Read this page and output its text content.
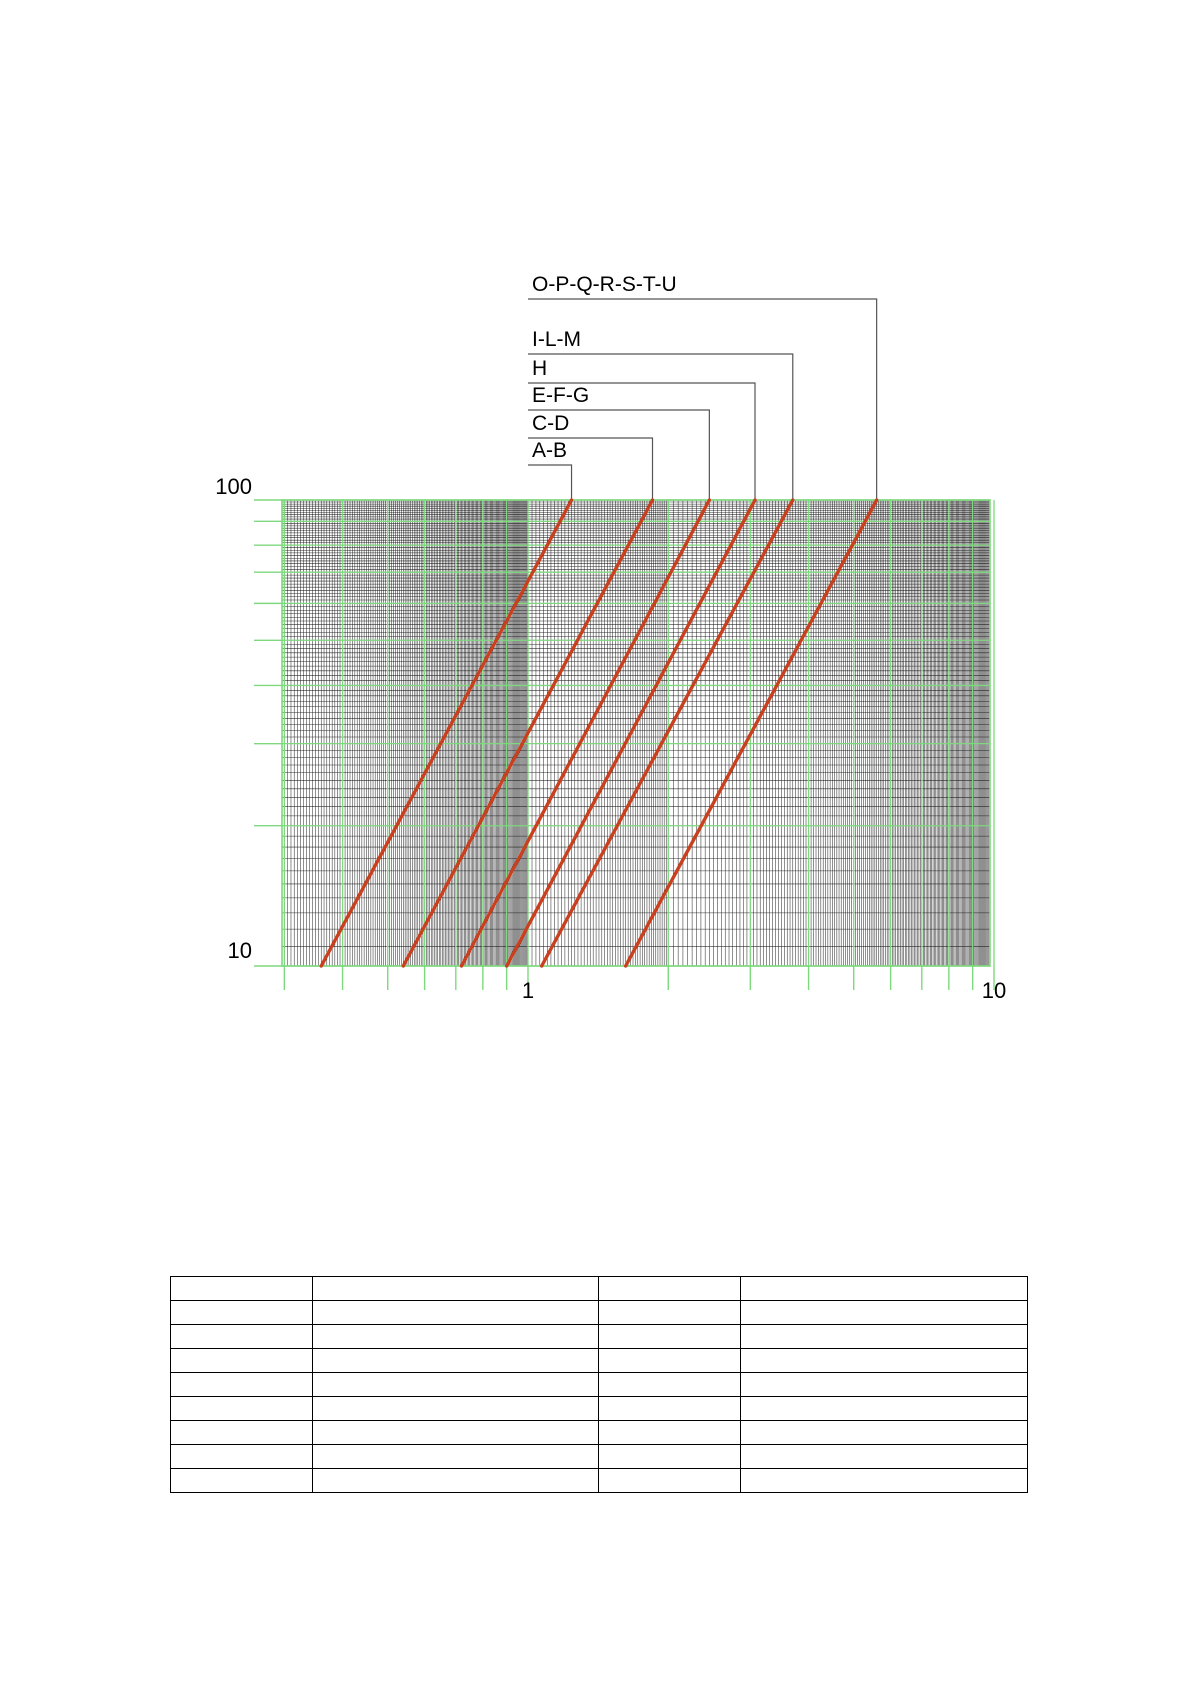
A-B
C-D
E-F-G
H
I-L-M
O-P-Q-R-S-T-U
100
10
1	10
